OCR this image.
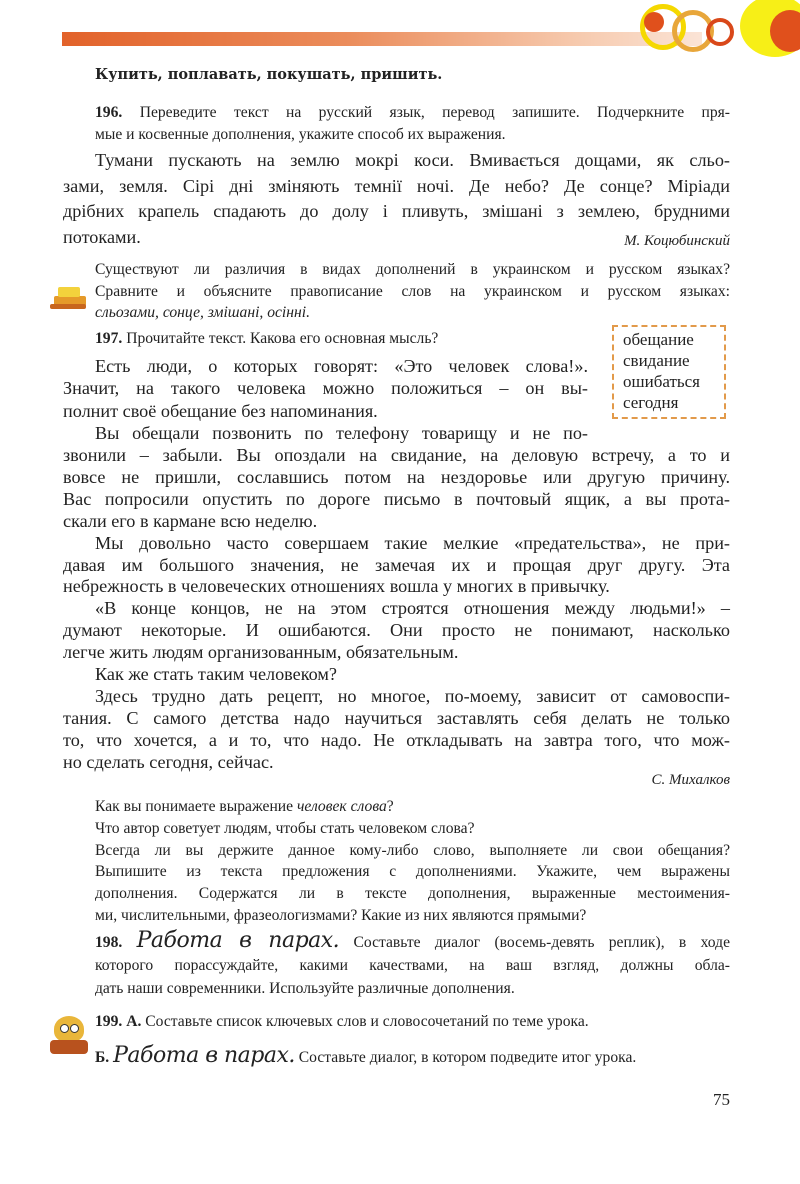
Купить, поплавать, покушать, пришить.
196. Переведите текст на русский язык, перевод запишите. Подчеркните пря-
мые и косвенные дополнения, укажите способ их выражения.
Тумани пускають на землю мокрі коси. Вмивається дощами, як сльо-
зами, земля. Сірі дні зміняють темнії ночі. Де небо? Де сонце? Міріади
дрібних крапель спадають до долу і пливуть, змішані з землею, брудними
потоками.	М. Коцюбинский
Существуют ли различия в видах дополнений в украинском и русском языках?
Сравните и объясните правописание слов на украинском и русском языках:
сльозами, сонце, змішані, осінні.
197. Прочитайте текст. Какова его основная мысль?	обещание
свидание
ошибаться
сегодня
Есть люди, о которых говорят: «Это человек слова!».
Значит, на такого человека можно положиться – он вы-
полнит своё обещание без напоминания.
Вы обещали позвонить по телефону товарищу и не по-
звонили – забыли. Вы опоздали на свидание, на деловую встречу, а то и
вовсе не пришли, сославшись потом на нездоровье или другую причину.
Вас попросили опустить по дороге письмо в почтовый ящик, а вы прота-
скали его в кармане всю неделю.
Мы довольно часто совершаем такие мелкие «предательства», не при-
давая им большого значения, не замечая их и прощая друг другу. Эта
небрежность в человеческих отношениях вошла у многих в привычку.
«В конце концов, не на этом строятся отношения между людьми!» –
думают некоторые. И ошибаются. Они просто не понимают, насколько
легче жить людям организованным, обязательным.
Как же стать таким человеком?
Здесь трудно дать рецепт, но многое, по-моему, зависит от самовоспи-
тания. С самого детства надо научиться заставлять себя делать не только
то, что хочется, а и то, что надо. Не откладывать на завтра того, что мож-
но сделать сегодня, сейчас.
С. Михалков
Как вы понимаете выражение человек слова?
Что автор советует людям, чтобы стать человеком слова?
Всегда ли вы держите данное кому-либо слово, выполняете ли свои обещания?
Выпишите из текста предложения с дополнениями. Укажите, чем выражены
дополнения. Содержатся ли в тексте дополнения, выраженные местоимения-
ми, числительными, фразеологизмами? Какие из них являются прямыми?
198. Работа в парах. Составьте диалог (восемь-девять реплик), в ходе
которого порассуждайте, какими качествами, на ваш взгляд, должны обла-
дать наши современники. Используйте различные дополнения.
199. А. Составьте список ключевых слов и словосочетаний по теме урока.
Б. Работа в парах. Составьте диалог, в котором подведите итог урока.
75
